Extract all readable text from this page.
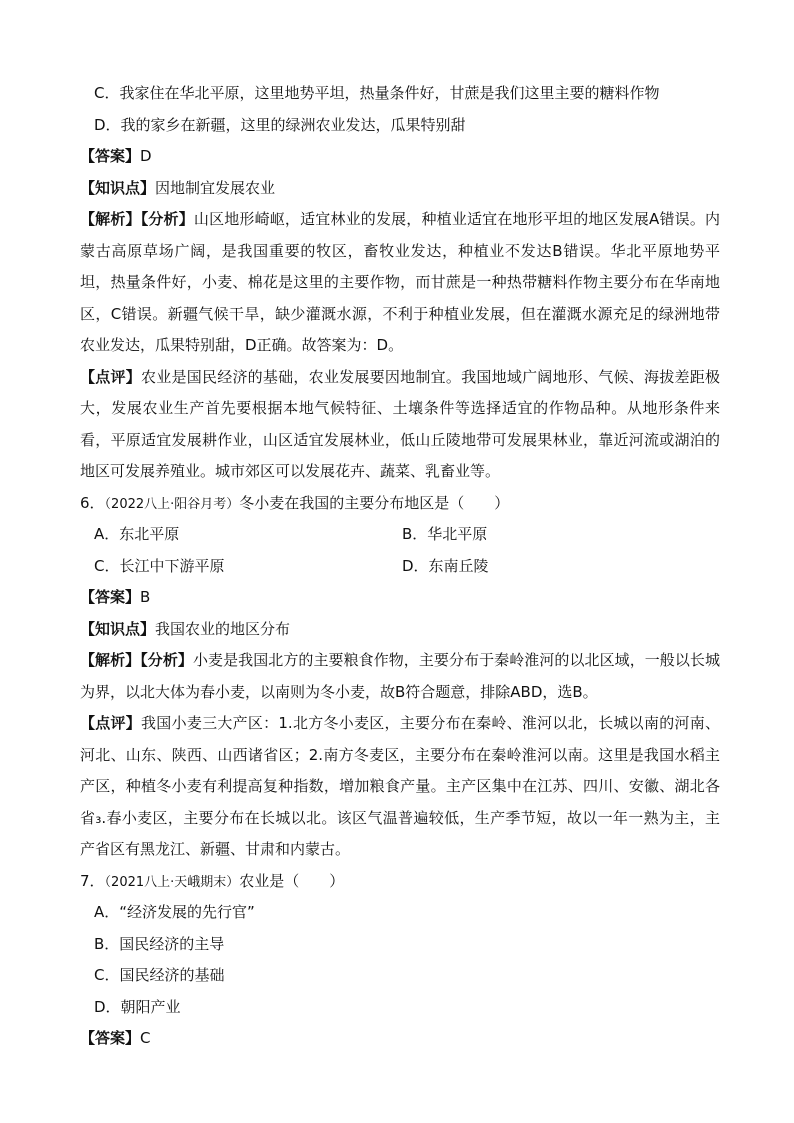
C．我家住在华北平原，这里地势平坦，热量条件好，甘蔗是我们这里主要的糖料作物
D．我的家乡在新疆，这里的绿洲农业发达，瓜果特别甜
【答案】D
【知识点】因地制宜发展农业
【解析】【分析】山区地形崎岖，适宜林业的发展，种植业适宜在地形平坦的地区发展A错误。内蒙古高原草场广阔，是我国重要的牧区，畜牧业发达，种植业不发达B错误。华北平原地势平坦，热量条件好，小麦、棉花是这里的主要作物，而甘蔗是一种热带糖料作物主要分布在华南地区，C错误。新疆气候干旱，缺少灌溉水源，不利于种植业发展，但在灌溉水源充足的绿洲地带农业发达，瓜果特别甜，D正确。故答案为：D。
【点评】农业是国民经济的基础，农业发展要因地制宜。我国地域广阔地形、气候、海拔差距极大，发展农业生产首先要根据本地气候特征、土壤条件等选择适宜的作物品种。从地形条件来看，平原适宜发展耕作业，山区适宜发展林业，低山丘陵地带可发展果林业，靠近河流或湖泊的地区可发展养殖业。城市郊区可以发展花卉、蔬菜、乳畜业等。
6．（2022八上·阳谷月考）冬小麦在我国的主要分布地区是（　　）
A．东北平原	B．华北平原
C．长江中下游平原	D．东南丘陵
【答案】B
【知识点】我国农业的地区分布
【解析】【分析】小麦是我国北方的主要粮食作物，主要分布于秦岭淮河的以北区域，一般以长城为界，以北大体为春小麦，以南则为冬小麦，故B符合题意，排除ABD，选B。
【点评】我国小麦三大产区：1.北方冬小麦区，主要分布在秦岭、淮河以北，长城以南的河南、河北、山东、陕西、山西诸省区；2.南方冬麦区，主要分布在秦岭淮河以南。这里是我国水稻主产区，种植冬小麦有利提高复种指数，增加粮食产量。主产区集中在江苏、四川、安徽、湖北各省₃.春小麦区，主要分布在长城以北。该区气温普遍较低，生产季节短，故以一年一熟为主，主产省区有黑龙江、新疆、甘肃和内蒙古。
7．（2021八上·天峨期末）农业是（　　）
A．“经济发展的先行官”
B．国民经济的主导
C．国民经济的基础
D．朝阳产业
【答案】C
